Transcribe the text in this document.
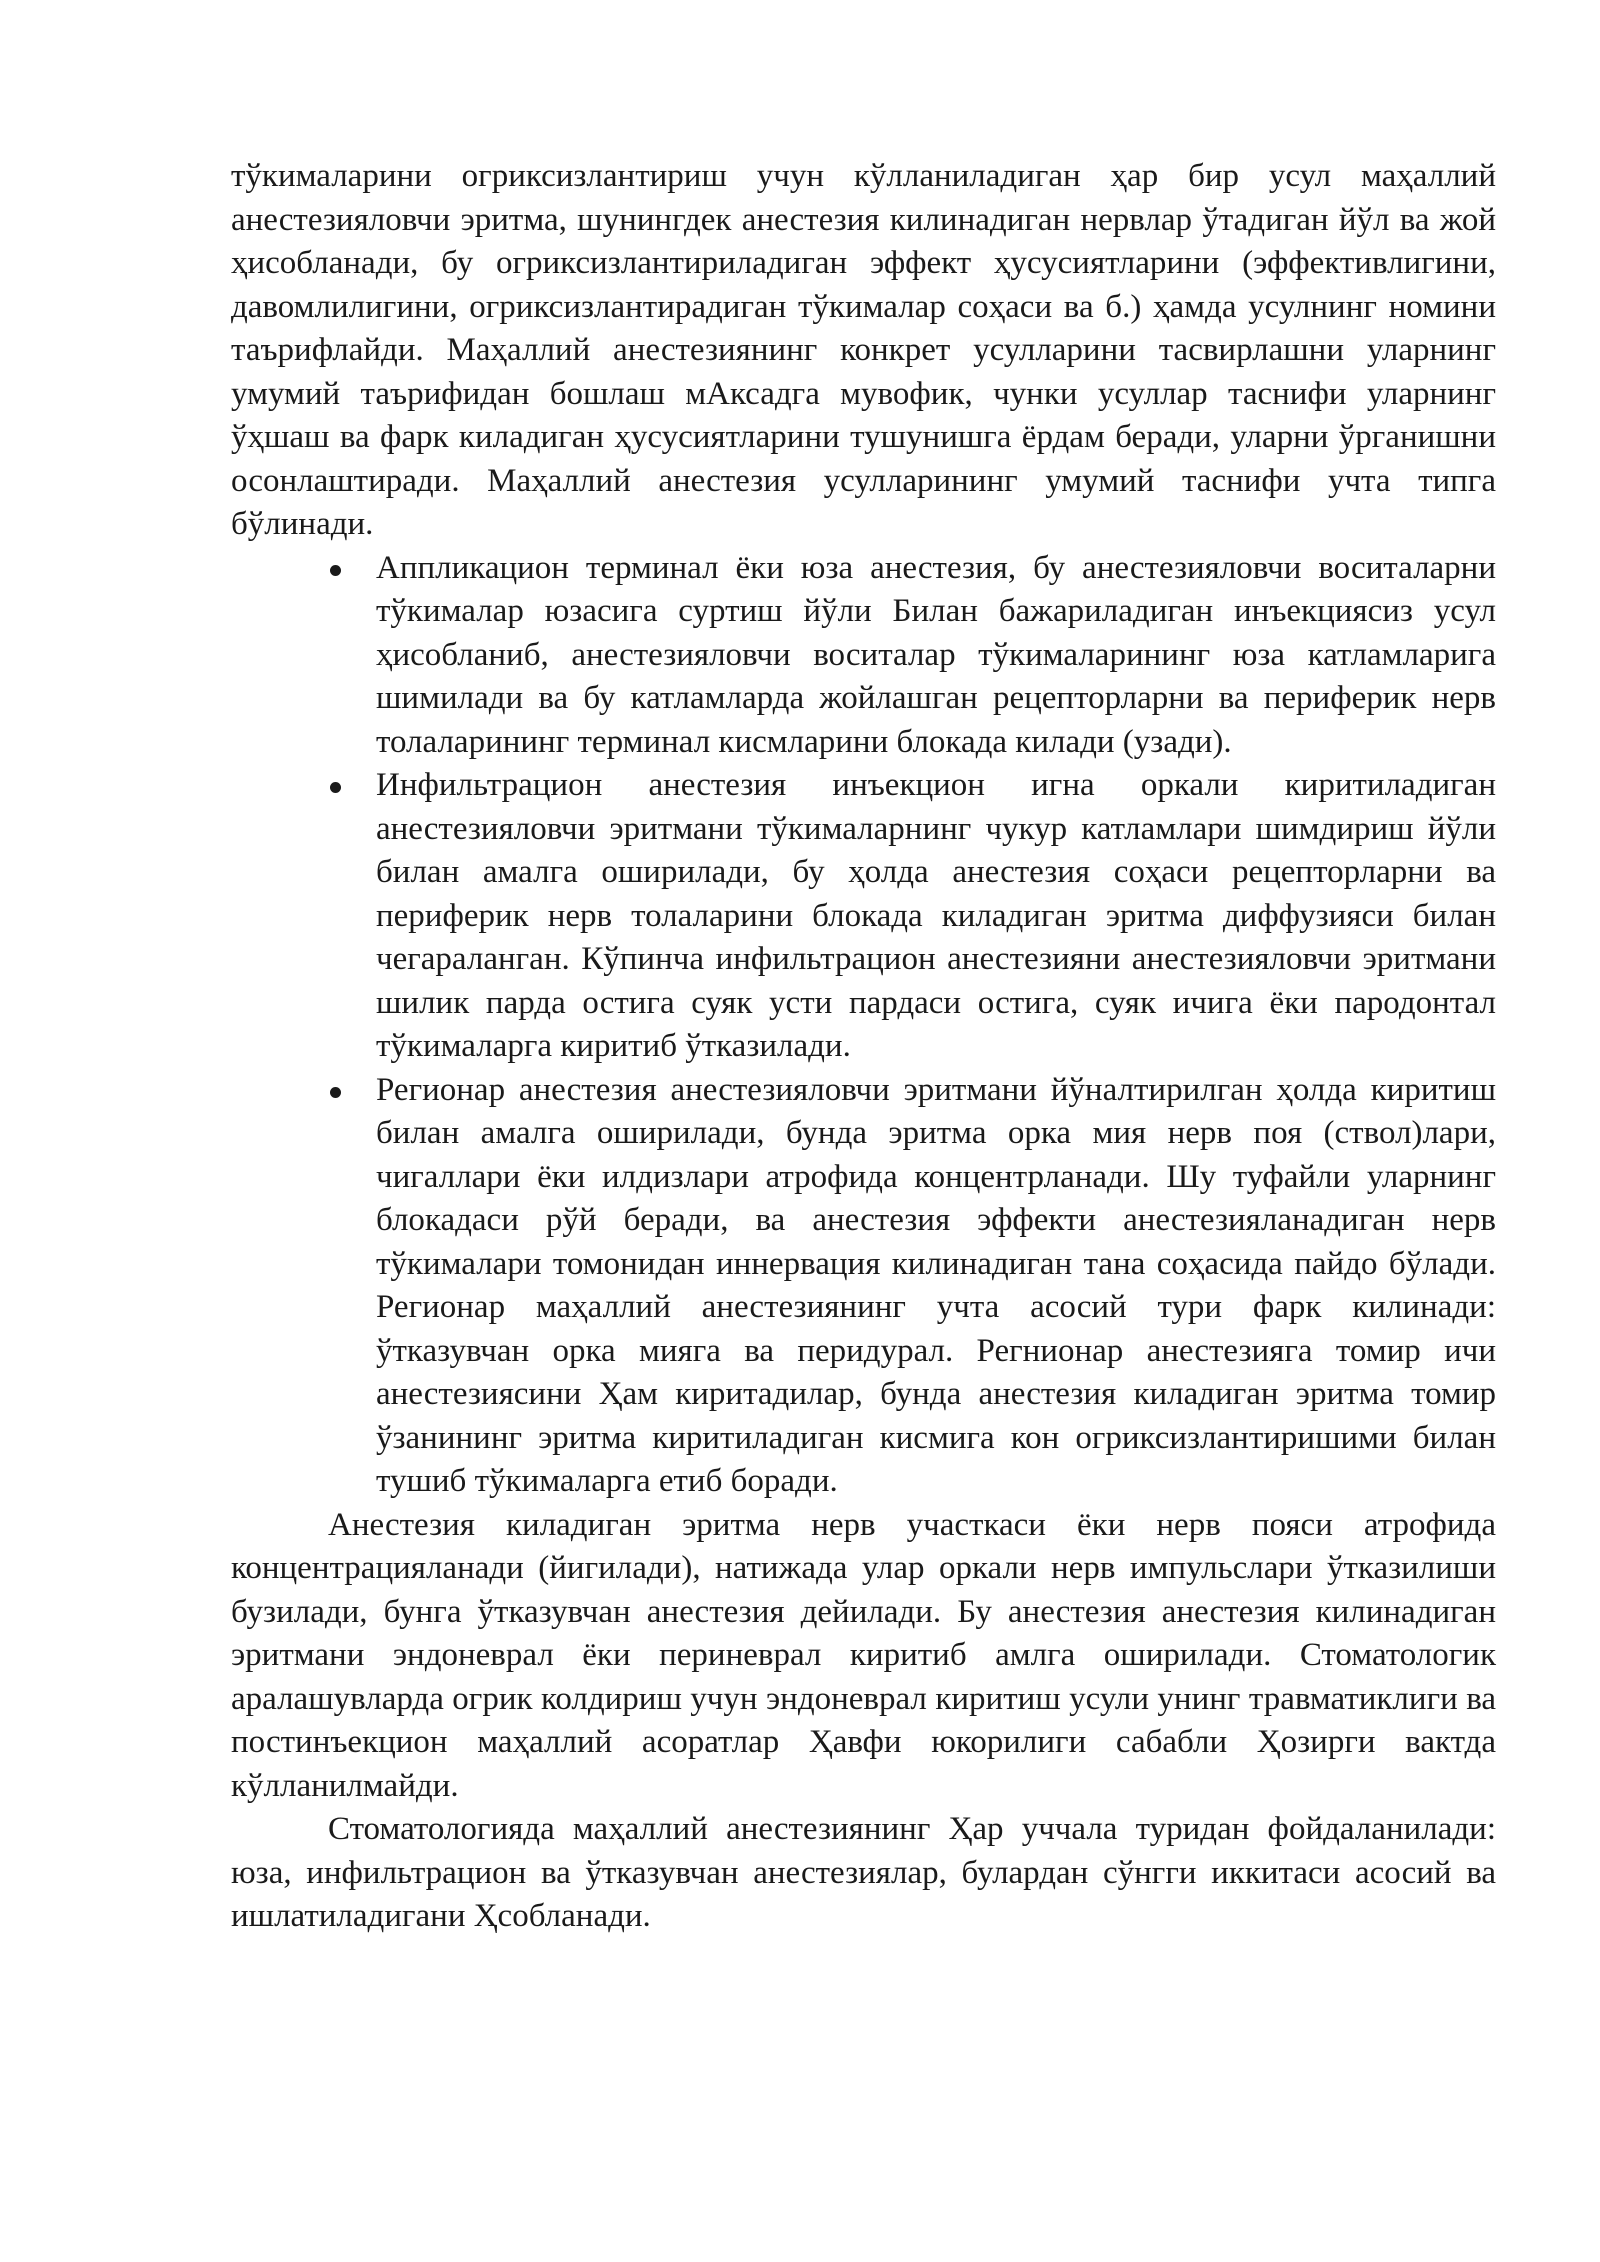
тўкималарини огриксизлантириш учун кўлланиладиган ҳар бир усул маҳаллий анестезияловчи эритма, шунингдек анестезия килинадиган нервлар ўтадиган йўл ва жой ҳисобланади, бу огриксизлантириладиган эффект ҳусусиятларини (эффективлигини, давомлилигини, огриксизлантирадиган тўкималар соҳаси ва б.) ҳамда усулнинг номини таърифлайди. Маҳаллий анестезиянинг конкрет усулларини тасвирлашни уларнинг умумий таърифидан бошлаш мАксадга мувофик, чунки усуллар таснифи уларнинг ўҳшаш ва фарк киладиган ҳусусиятларини тушунишга ёрдам беради, уларни ўрганишни осонлаштиради. Маҳаллий анестезия усулларининг умумий таснифи учта типга бўлинади.

Аппликацион терминал ёки юза анестезия, бу анестезияловчи воситаларни тўкималар юзасига суртиш йўли Билан бажариладиган инъекциясиз усул ҳисобланиб, анестезияловчи воситалар тўкималарининг юза катламларига шимилади ва бу катламларда жойлашган рецепторларни ва периферик нерв толаларининг терминал кисмларини блокада килади (узади).
Инфильтрацион анестезия инъекцион игна оркали киритиладиган анестезияловчи эритмани тўкималарнинг чукур катламлари шимдириш йўли билан амалга оширилади, бу ҳолда анестезия соҳаси рецепторларни ва периферик нерв толаларини блокада киладиган эритма диффузияси билан чегараланган. Кўпинча инфильтрацион анестезияни анестезияловчи эритмани шилик парда остига суяк усти пардаси остига, суяк ичига ёки пародонтал тўкималарга киритиб ўтказилади.
Регионар анестезия анестезияловчи эритмани йўналтирилган ҳолда киритиш билан амалга оширилади, бунда эритма орка мия нерв поя (ствол)лари, чигаллари ёки илдизлари атрофида концентрланади. Шу туфайли уларнинг блокадаси рўй беради, ва анестезия эффекти анестезияланадиган нерв тўкималари томонидан иннервация килинадиган тана соҳасида пайдо бўлади. Регионар маҳаллий анестезиянинг учта асосий тури фарк килинади: ўтказувчан орка мияга ва перидурал. Регнионар анестезияга томир ичи анестезиясини Ҳам киритадилар, бунда анестезия киладиган эритма томир ўзанининг эритма киритиладиган кисмига кон огриксизлантиришими билан тушиб тўкималарга етиб боради.

Анестезия киладиган эритма нерв участкаси ёки нерв пояси атрофида концентрацияланади (йигилади), натижада улар оркали нерв импульслари ўтказилиши бузилади, бунга ўтказувчан анестезия дейилади. Бу анестезия анестезия килинадиган эритмани эндоневрал ёки периневрал киритиб амлга оширилади. Стоматологик аралашувларда огрик колдириш учун эндоневрал киритиш усули унинг травматиклиги ва постинъекцион маҳаллий асоратлар Ҳавфи юкорилиги сабабли Ҳозирги вактда кўлланилмайди.

Стоматологияда маҳаллий анестезиянинг Ҳар уччала туридан фойдаланилади: юза, инфильтрацион ва ўтказувчан анестезиялар, булардан сўнгги иккитаси асосий ва ишлатиладигани Ҳсобланади.
